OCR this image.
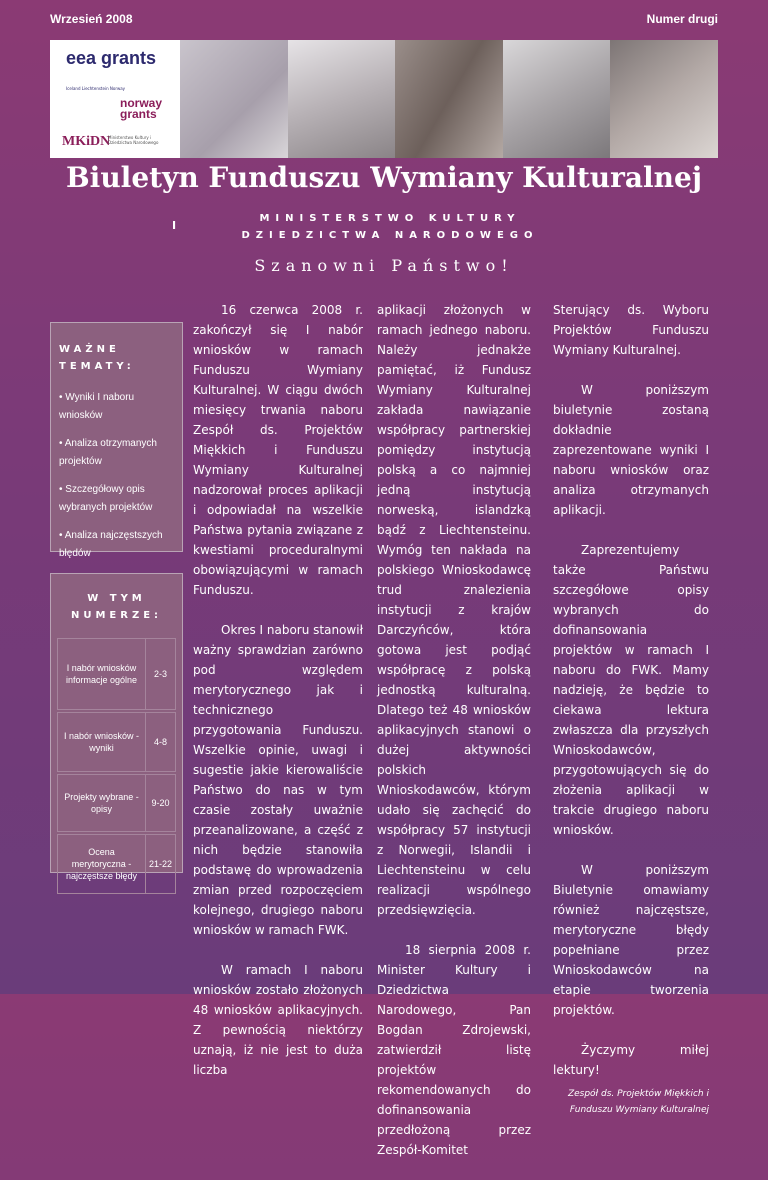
Wrzesień 2008	Numer drugi
eea grants
Iceland Liechtenstein Norway
norway grants
MKiDN
Ministerstwo Kultury i Dziedzictwa Narodowego
Biuletyn Funduszu Wymiany Kulturalnej
I
MINISTERSTWO KULTURY
DZIEDZICTWA NARODOWEGO
Szanowni Państwo!
WAŻNE TEMATY:
• Wyniki I naboru wniosków
• Analiza otrzymanych projektów
• Szczegółowy opis wybranych projektów
• Analiza najczęstszych błędów
W TYM NUMERZE:
I nabór wniosków informacje ogólne
2-3
I nabór wniosków - wyniki
4-8
Projekty wybrane - opisy
9-20
Ocena merytoryczna - najczęstsze błędy
21-22

16 czerwca 2008 r. zakończył się I nabór wniosków w ramach Funduszu Wymiany Kulturalnej. W ciągu dwóch miesięcy trwania naboru Zespół ds. Projektów Miękkich i Funduszu Wymiany Kulturalnej nadzorował proces aplikacji i odpowiadał na wszelkie Państwa pytania związane z kwestiami proceduralnymi obowiązującymi w ramach Funduszu.

Okres I naboru stanowił ważny sprawdzian zarówno pod względem merytorycznego jak i technicznego przygotowania Funduszu. Wszelkie opinie, uwagi i sugestie jakie kierowaliście Państwo do nas w tym czasie zostały uważnie przeanalizowane, a część z nich będzie stanowiła podstawę do wprowadzenia zmian przed rozpoczęciem kolejnego, drugiego naboru wniosków w ramach FWK.

W ramach I naboru wniosków zostało złożonych 48 wniosków aplikacyjnych. Z pewnością niektórzy uznają, iż nie jest to duża liczba

aplikacji złożonych w ramach jednego naboru. Należy jednakże pamiętać, iż Fundusz Wymiany Kulturalnej zakłada nawiązanie współpracy partnerskiej pomiędzy instytucją polską a co najmniej jedną instytucją norweską, islandzką bądź z Liechtensteinu. Wymóg ten nakłada na polskiego Wnioskodawcę trud znalezienia instytucji z krajów Darczyńców, która gotowa jest podjąć współpracę z polską jednostką kulturalną. Dlatego też 48 wniosków aplikacyjnych stanowi o dużej aktywności polskich Wnioskodawców, którym udało się zachęcić do współpracy 57 instytucji z Norwegii, Islandii i Liechtensteinu w celu realizacji wspólnego przedsięwzięcia.

18 sierpnia 2008 r. Minister Kultury i Dziedzictwa Narodowego, Pan Bogdan Zdrojewski, zatwierdził listę projektów rekomendowanych do dofinansowania przedłożoną przez Zespół-Komitet

Sterujący ds. Wyboru Projektów Funduszu Wymiany Kulturalnej.

W poniższym biuletynie zostaną dokładnie zaprezentowane wyniki I naboru wniosków oraz analiza otrzymanych aplikacji.

Zaprezentujemy także Państwu szczegółowe opisy wybranych do dofinansowania projektów w ramach I naboru do FWK. Mamy nadzieję, że będzie to ciekawa lektura zwłaszcza dla przyszłych Wnioskodawców, przygotowujących się do złożenia aplikacji w trakcie drugiego naboru wniosków.

W poniższym Biuletynie omawiamy również najczęstsze, merytoryczne błędy popełniane przez Wnioskodawców na etapie tworzenia projektów.

Życzymy miłej lektury!

Zespół ds. Projektów Miękkich i Funduszu Wymiany Kulturalnej
